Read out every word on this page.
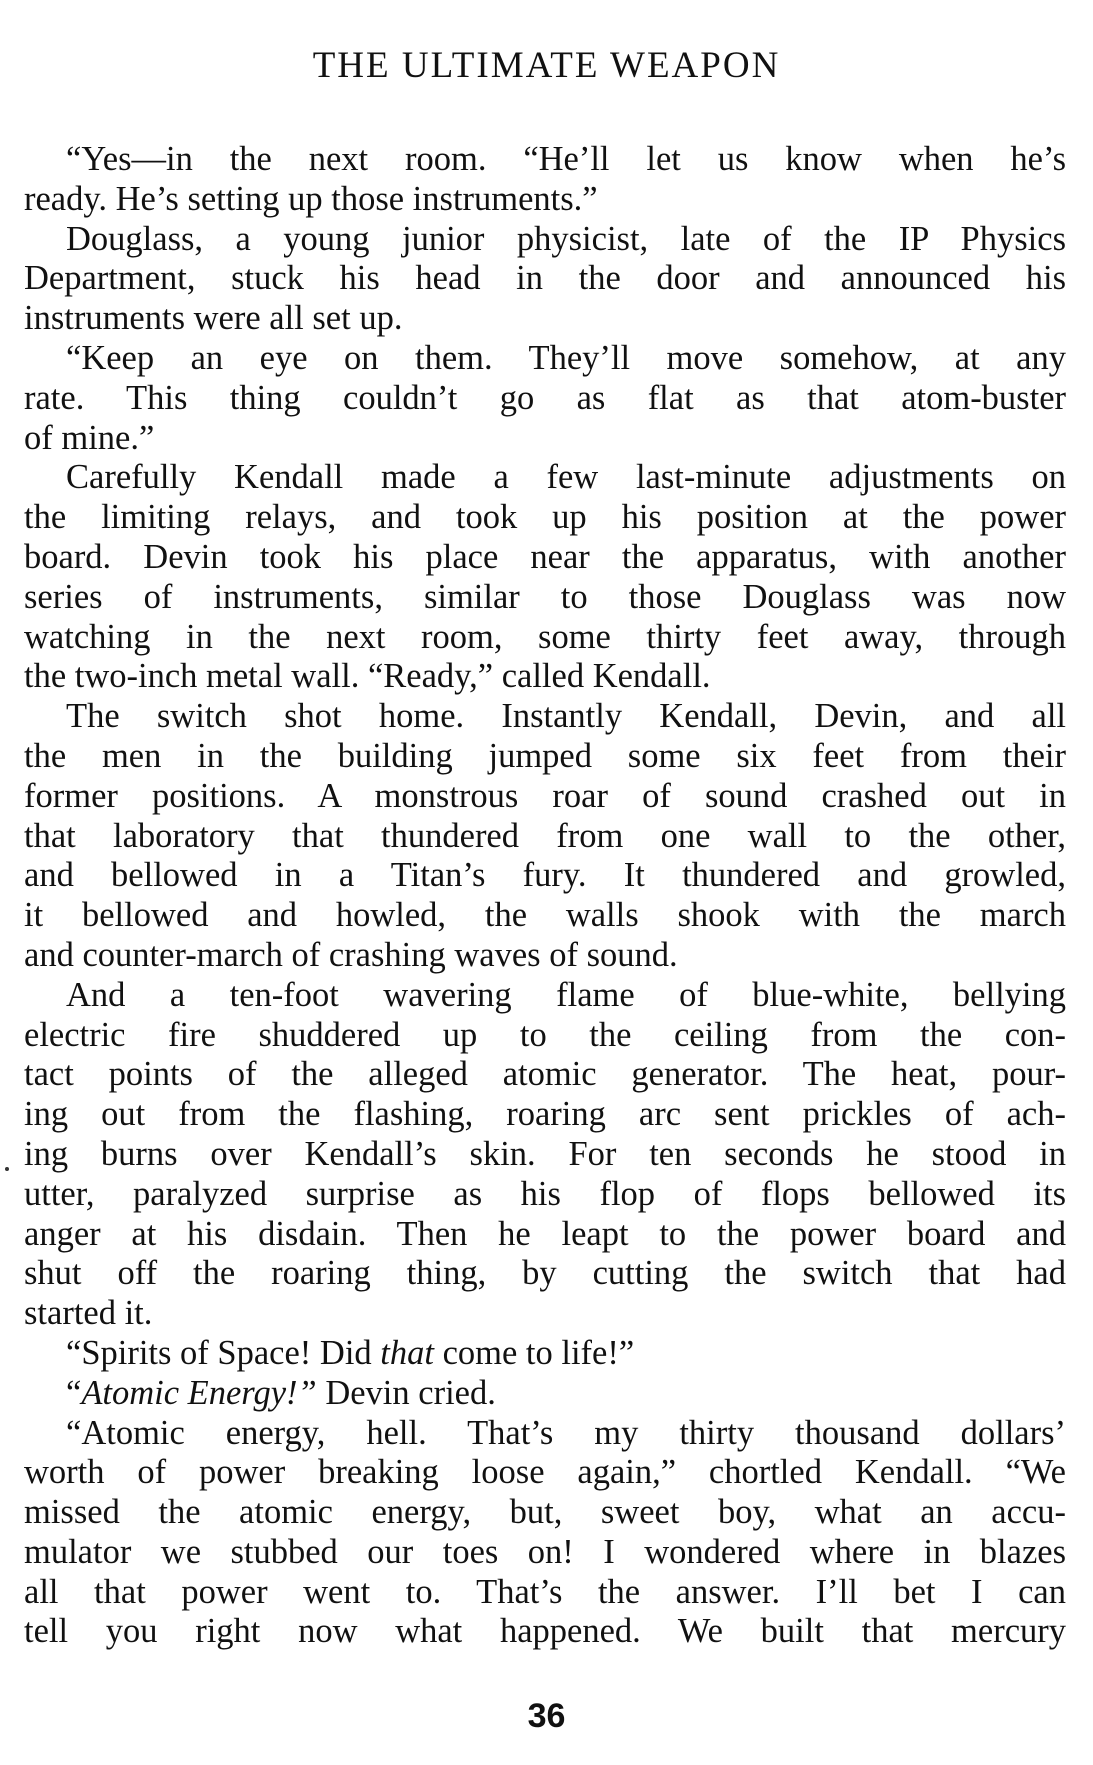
THE ULTIMATE WEAPON
“Yes—in the next room. “He’ll let us know when he’s
ready. He’s setting up those instruments.”
Douglass, a young junior physicist, late of the IP Physics
Department, stuck his head in the door and announced his
instruments were all set up.
“Keep an eye on them. They’ll move somehow, at any
rate. This thing couldn’t go as flat as that atom-buster
of mine.”
Carefully Kendall made a few last-minute adjustments on
the limiting relays, and took up his position at the power
board. Devin took his place near the apparatus, with another
series of instruments, similar to those Douglass was now
watching in the next room, some thirty feet away, through
the two-inch metal wall. “Ready,” called Kendall.
The switch shot home. Instantly Kendall, Devin, and all
the men in the building jumped some six feet from their
former positions. A monstrous roar of sound crashed out in
that laboratory that thundered from one wall to the other,
and bellowed in a Titan’s fury. It thundered and growled,
it bellowed and howled, the walls shook with the march
and counter-march of crashing waves of sound.
And a ten-foot wavering flame of blue-white, bellying
electric fire shuddered up to the ceiling from the con-
tact points of the alleged atomic generator. The heat, pour-
ing out from the flashing, roaring arc sent prickles of ach-
ing burns over Kendall’s skin. For ten seconds he stood in
utter, paralyzed surprise as his flop of flops bellowed its
anger at his disdain. Then he leapt to the power board and
shut off the roaring thing, by cutting the switch that had
started it.
“Spirits of Space! Did that come to life!”
“Atomic Energy!” Devin cried.
“Atomic energy, hell. That’s my thirty thousand dollars’
worth of power breaking loose again,” chortled Kendall. “We
missed the atomic energy, but, sweet boy, what an accu-
mulator we stubbed our toes on! I wondered where in blazes
all that power went to. That’s the answer. I’ll bet I can
tell you right now what happened. We built that mercury
36
